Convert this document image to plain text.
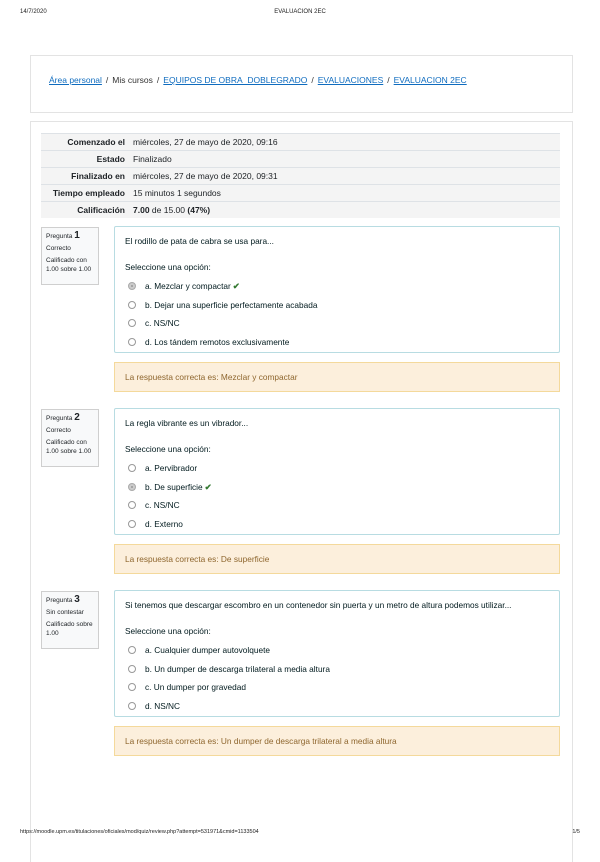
14/7/2020	EVALUACION 2EC
Área personal / Mis cursos / EQUIPOS DE OBRA_DOBLEGRADO / EVALUACIONES / EVALUACION 2EC
Comenzado el	miércoles, 27 de mayo de 2020, 09:16
Estado	Finalizado
Finalizado en	miércoles, 27 de mayo de 2020, 09:31
Tiempo empleado	15 minutos 1 segundos
Calificación	7.00 de 15.00 (47%)
Pregunta 1
Correcto
Calificado con 1.00 sobre 1.00
El rodillo de pata de cabra se usa para...
Seleccione una opción:
a. Mezclar y compactar ✔
b. Dejar una superficie perfectamente acabada
c. NS/NC
d. Los tándem remotos exclusivamente
La respuesta correcta es: Mezclar y compactar
Pregunta 2
Correcto
Calificado con 1.00 sobre 1.00
La regla vibrante es un vibrador...
Seleccione una opción:
a. Pervibrador
b. De superficie ✔
c. NS/NC
d. Externo
La respuesta correcta es: De superficie
Pregunta 3
Sin contestar
Calificado sobre 1.00
Si tenemos que descargar escombro en un contenedor sin puerta y un metro de altura podemos utilizar...
Seleccione una opción:
a. Cualquier dumper autovolquete
b. Un dumper de descarga trilateral a media altura
c. Un dumper por gravedad
d. NS/NC
La respuesta correcta es: Un dumper de descarga trilateral a media altura
https://moodle.upm.es/titulaciones/oficiales/mod/quiz/review.php?attempt=531971&cmid=1133504	1/5
